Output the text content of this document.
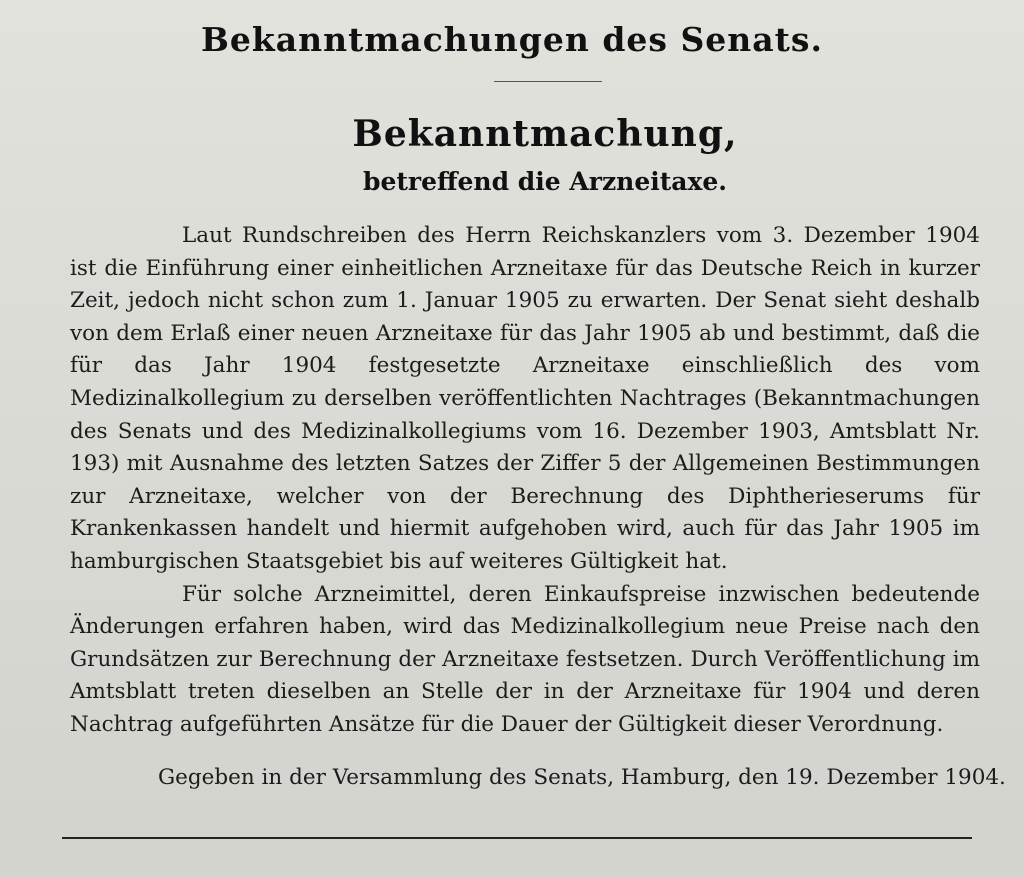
Bekanntmachungen des Senats.
Bekanntmachung,
betreffend die Arzneitaxe.

Laut Rundschreiben des Herrn Reichskanzlers vom 3. Dezember 1904 ist die Einführung einer einheitlichen Arzneitaxe für das Deutsche Reich in kurzer Zeit, jedoch nicht schon zum 1. Januar 1905 zu erwarten. Der Senat sieht deshalb von dem Erlaß einer neuen Arzneitaxe für das Jahr 1905 ab und bestimmt, daß die für das Jahr 1904 festgesetzte Arzneitaxe einschließlich des vom Medizinalkollegium zu derselben veröffentlichten Nachtrages (Bekanntmachungen des Senats und des Medizinalkollegiums vom 16. Dezember 1903, Amtsblatt Nr. 193) mit Ausnahme des letzten Satzes der Ziffer 5 der Allgemeinen Bestimmungen zur Arzneitaxe, welcher von der Berechnung des Diphtherieserums für Krankenkassen handelt und hiermit aufgehoben wird, auch für das Jahr 1905 im hamburgischen Staatsgebiet bis auf weiteres Gültigkeit hat.

Für solche Arzneimittel, deren Einkaufspreise inzwischen bedeutende Änderungen erfahren haben, wird das Medizinalkollegium neue Preise nach den Grundsätzen zur Berechnung der Arzneitaxe festsetzen. Durch Veröffentlichung im Amtsblatt treten dieselben an Stelle der in der Arzneitaxe für 1904 und deren Nachtrag aufgeführten Ansätze für die Dauer der Gültigkeit dieser Verordnung.

Gegeben in der Versammlung des Senats, Hamburg, den 19. Dezember 1904.
